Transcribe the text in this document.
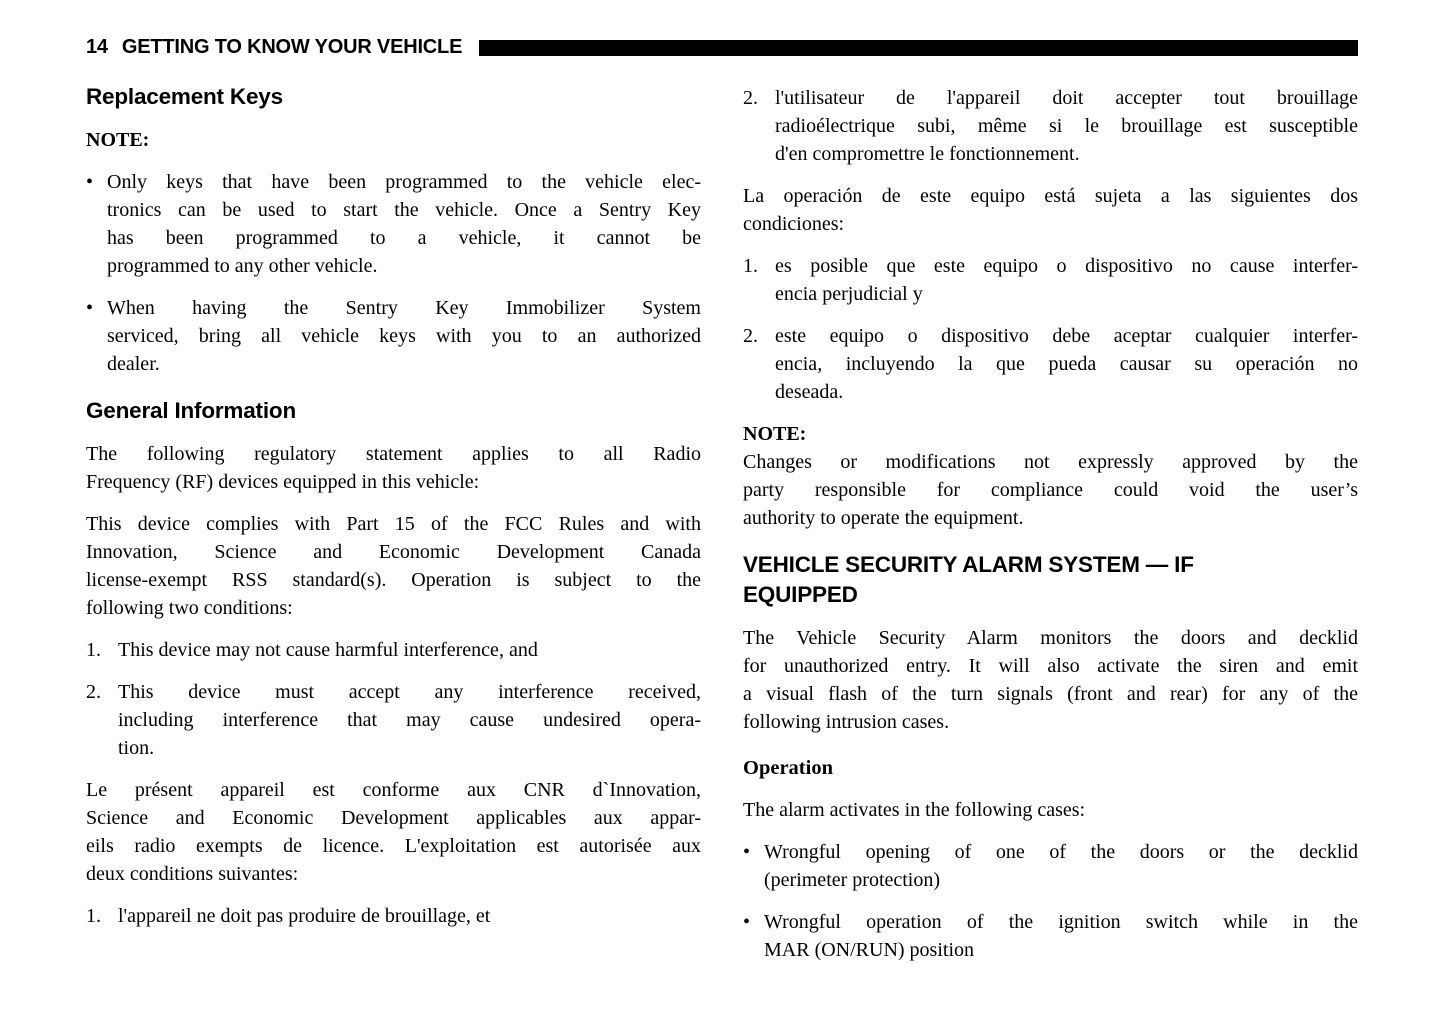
14 GETTING TO KNOW YOUR VEHICLE
Replacement Keys
NOTE:
• Only keys that have been programmed to the vehicle elec-
tronics can be used to start the vehicle. Once a Sentry Key
has been programmed to a vehicle, it cannot be
programmed to any other vehicle.
• When having the Sentry Key Immobilizer System
serviced, bring all vehicle keys with you to an authorized
dealer.
General Information
The following regulatory statement applies to all Radio
Frequency (RF) devices equipped in this vehicle:
This device complies with Part 15 of the FCC Rules and with
Innovation, Science and Economic Development Canada
license-exempt RSS standard(s). Operation is subject to the
following two conditions:
1. This device may not cause harmful interference, and
2. This device must accept any interference received,
including interference that may cause undesired opera-
tion.
Le présent appareil est conforme aux CNR d`Innovation,
Science and Economic Development applicables aux appar-
eils radio exempts de licence. L'exploitation est autorisée aux
deux conditions suivantes:
1. l'appareil ne doit pas produire de brouillage, et
2. l'utilisateur de l'appareil doit accepter tout brouillage
radioélectrique subi, même si le brouillage est susceptible
d'en compromettre le fonctionnement.
La operación de este equipo está sujeta a las siguientes dos
condiciones:
1. es posible que este equipo o dispositivo no cause interfer-
encia perjudicial y
2. este equipo o dispositivo debe aceptar cualquier interfer-
encia, incluyendo la que pueda causar su operación no
deseada.
NOTE:
Changes or modifications not expressly approved by the
party responsible for compliance could void the user’s
authority to operate the equipment.
VEHICLE SECURITY ALARM SYSTEM — IF
EQUIPPED
The Vehicle Security Alarm monitors the doors and decklid
for unauthorized entry. It will also activate the siren and emit
a visual flash of the turn signals (front and rear) for any of the
following intrusion cases.
Operation
The alarm activates in the following cases:
• Wrongful opening of one of the doors or the decklid
(perimeter protection)
• Wrongful operation of the ignition switch while in the
MAR (ON/RUN) position
